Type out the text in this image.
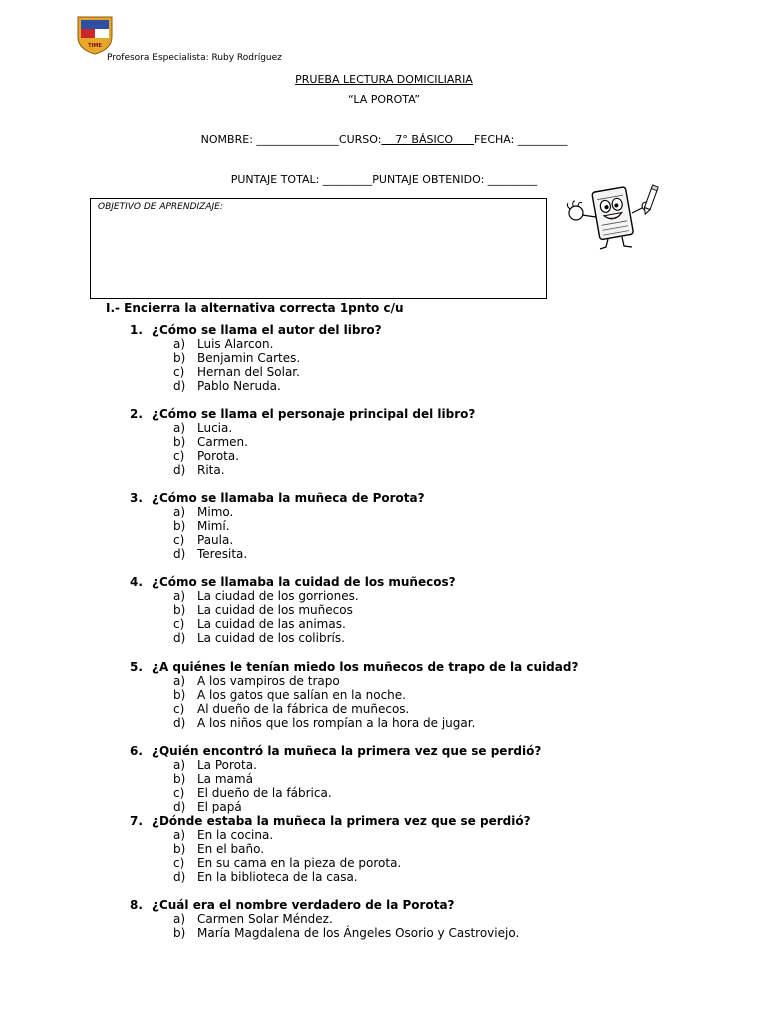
TIME
Profesora Especialista: Ruby Rodríguez
PRUEBA LECTURA DOMICILIARIA
“LA POROTA”
NOMBRE: _______________CURSO:    7° BÁSICO      FECHA: _________
PUNTAJE TOTAL: _________PUNTAJE OBTENIDO: _________
OBJETIVO DE APRENDIZAJE:
I.- Encierra la alternativa correcta 1pnto c/u
1. ¿Cómo se llama el autor del libro?
a) Luis Alarcon.
b) Benjamin Cartes.
c) Hernan del Solar.
d) Pablo Neruda.
2. ¿Cómo se llama el personaje principal del libro?
a) Lucia.
b) Carmen.
c) Porota.
d) Rita.
3. ¿Cómo se llamaba la muñeca de Porota?
a) Mimo.
b) Mimí.
c) Paula.
d) Teresita.
4. ¿Cómo se llamaba la cuidad de los muñecos?
a) La ciudad de los gorriones.
b) La cuidad de los muñecos
c) La cuidad de las animas.
d) La cuidad de los colibrís.
5. ¿A quiénes le tenían miedo los muñecos de trapo de la cuidad?
a) A los vampiros de trapo
b) A los gatos que salían en la noche.
c) Al dueño de la fábrica de muñecos.
d) A los niños que los rompían a la hora de jugar.
6. ¿Quién encontró la muñeca la primera vez que se perdió?
a) La Porota.
b) La mamá
c) El dueño de la fábrica.
d) El papá
7. ¿Dónde estaba la muñeca la primera vez que se perdió?
a) En la cocina.
b) En el baño.
c) En su cama en la pieza de porota.
d) En la biblioteca de la casa.
8. ¿Cuál era el nombre verdadero de la Porota?
a) Carmen Solar Méndez.
b) María Magdalena de los Ángeles Osorio y Castroviejo.
